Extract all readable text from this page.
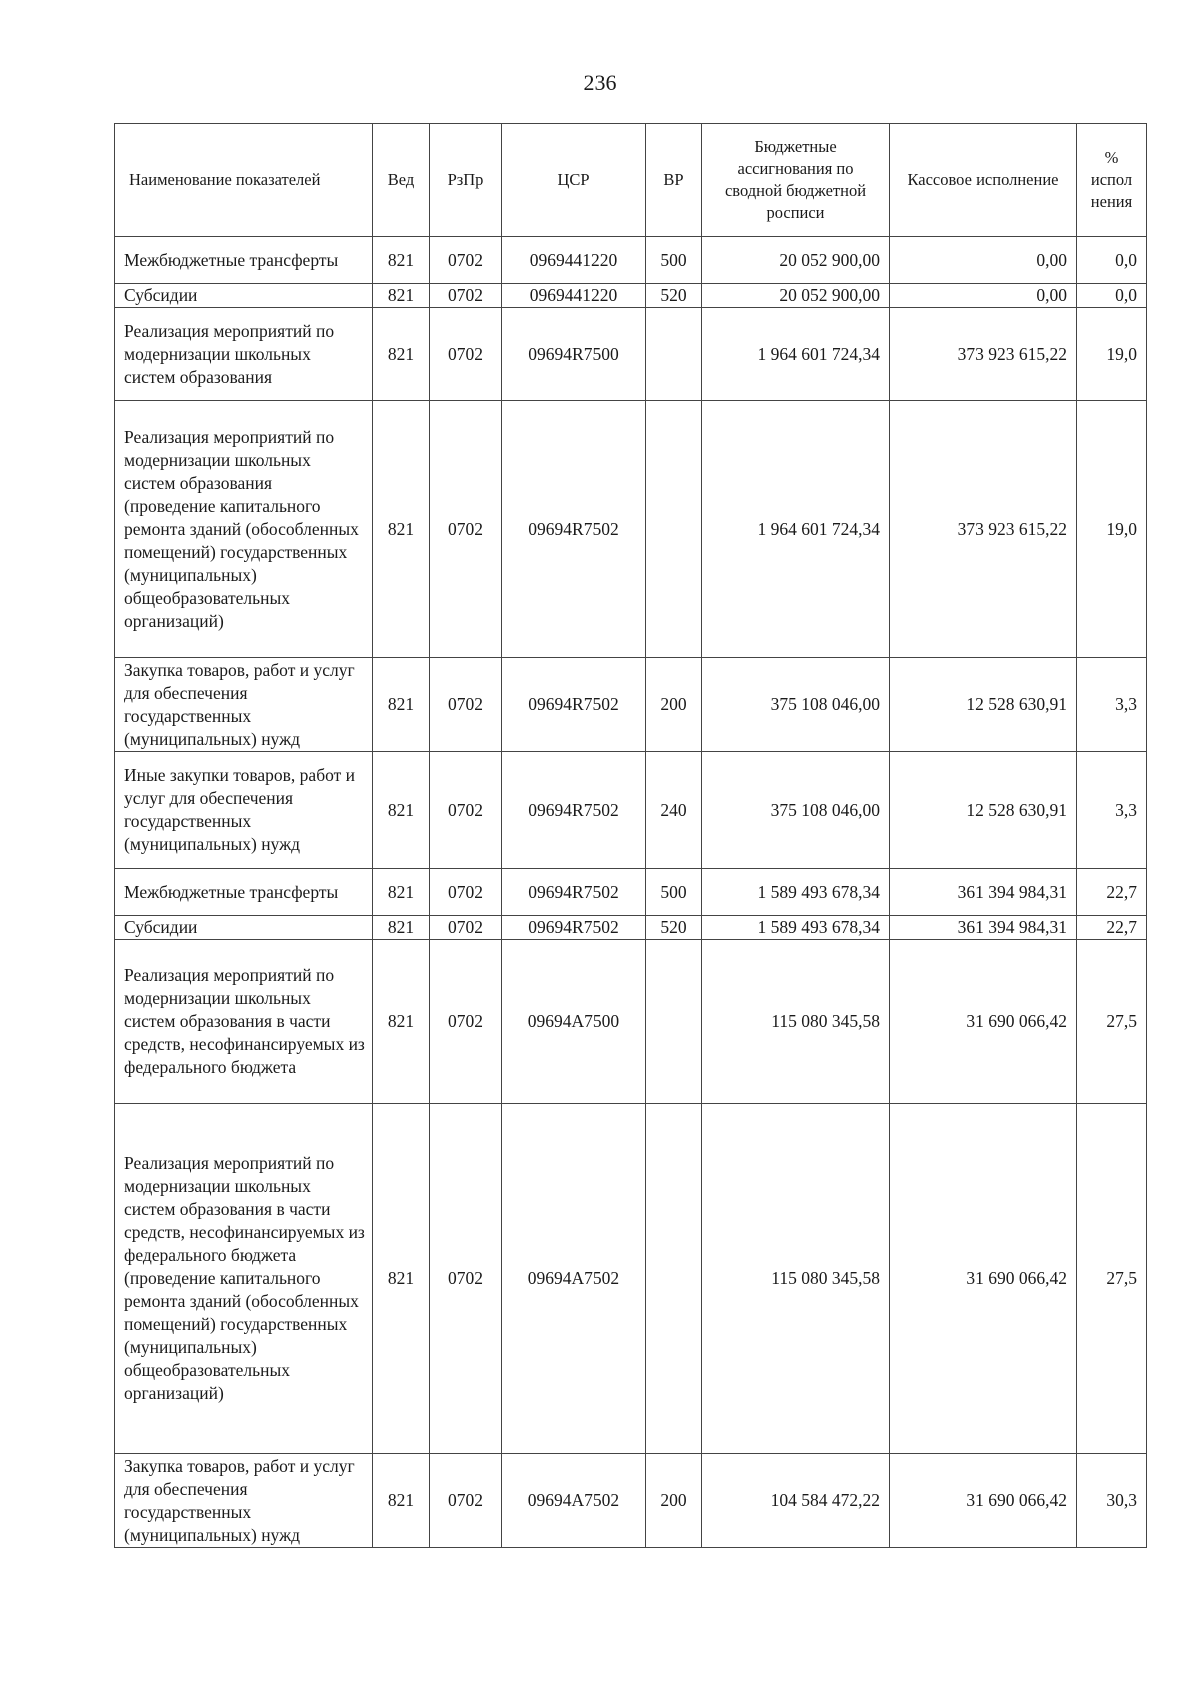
236
Наименование показателей	Вед	РзПр	ЦСР	ВР	Бюджетные ассигнования по сводной бюджетной росписи	Кассовое исполнение	% испол нения
Межбюджетные трансферты	821	0702	0969441220	500	20 052 900,00	0,00	0,0
Субсидии	821	0702	0969441220	520	20 052 900,00	0,00	0,0
Реализация мероприятий по модернизации школьных систем образования	821	0702	09694R7500		1 964 601 724,34	373 923 615,22	19,0
Реализация мероприятий по модернизации школьных систем образования (проведение капитального ремонта зданий (обособленных помещений) государственных (муниципальных) общеобразовательных организаций)	821	0702	09694R7502		1 964 601 724,34	373 923 615,22	19,0
Закупка товаров, работ и услуг для обеспечения государственных (муниципальных) нужд	821	0702	09694R7502	200	375 108 046,00	12 528 630,91	3,3
Иные закупки товаров, работ и услуг для обеспечения государственных (муниципальных) нужд	821	0702	09694R7502	240	375 108 046,00	12 528 630,91	3,3
Межбюджетные трансферты	821	0702	09694R7502	500	1 589 493 678,34	361 394 984,31	22,7
Субсидии	821	0702	09694R7502	520	1 589 493 678,34	361 394 984,31	22,7
Реализация мероприятий по модернизации школьных систем образования в части средств, несофинансируемых из федерального бюджета	821	0702	09694A7500		115 080 345,58	31 690 066,42	27,5
Реализация мероприятий по модернизации школьных систем образования в части средств, несофинансируемых из федерального бюджета (проведение капитального ремонта зданий (обособленных помещений) государственных (муниципальных) общеобразовательных организаций)	821	0702	09694A7502		115 080 345,58	31 690 066,42	27,5
Закупка товаров, работ и услуг для обеспечения государственных (муниципальных) нужд	821	0702	09694A7502	200	104 584 472,22	31 690 066,42	30,3
